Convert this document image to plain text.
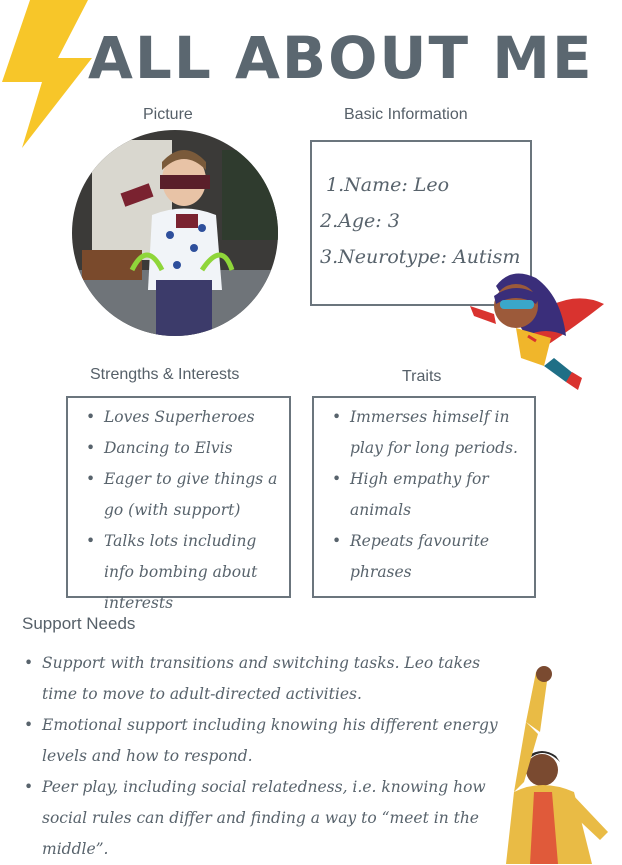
ALL ABOUT ME
Picture	Basic Information
1.Name: Leo
2.Age: 3
3.Neurotype: Autism
Strengths & Interests
• Loves Superheroes
• Dancing to Elvis
• Eager to give things a go (with support)
• Talks lots including info bombing about interests
Traits
• Immerses himself in play for long periods.
• High empathy for animals
• Repeats favourite phrases
Support Needs
• Support with transitions and switching tasks. Leo takes time to move to adult-directed activities.
• Emotional support including knowing his different energy levels and how to respond.
• Peer play, including social relatedness, i.e. knowing how social rules can differ and finding a way to “meet in the middle”.
